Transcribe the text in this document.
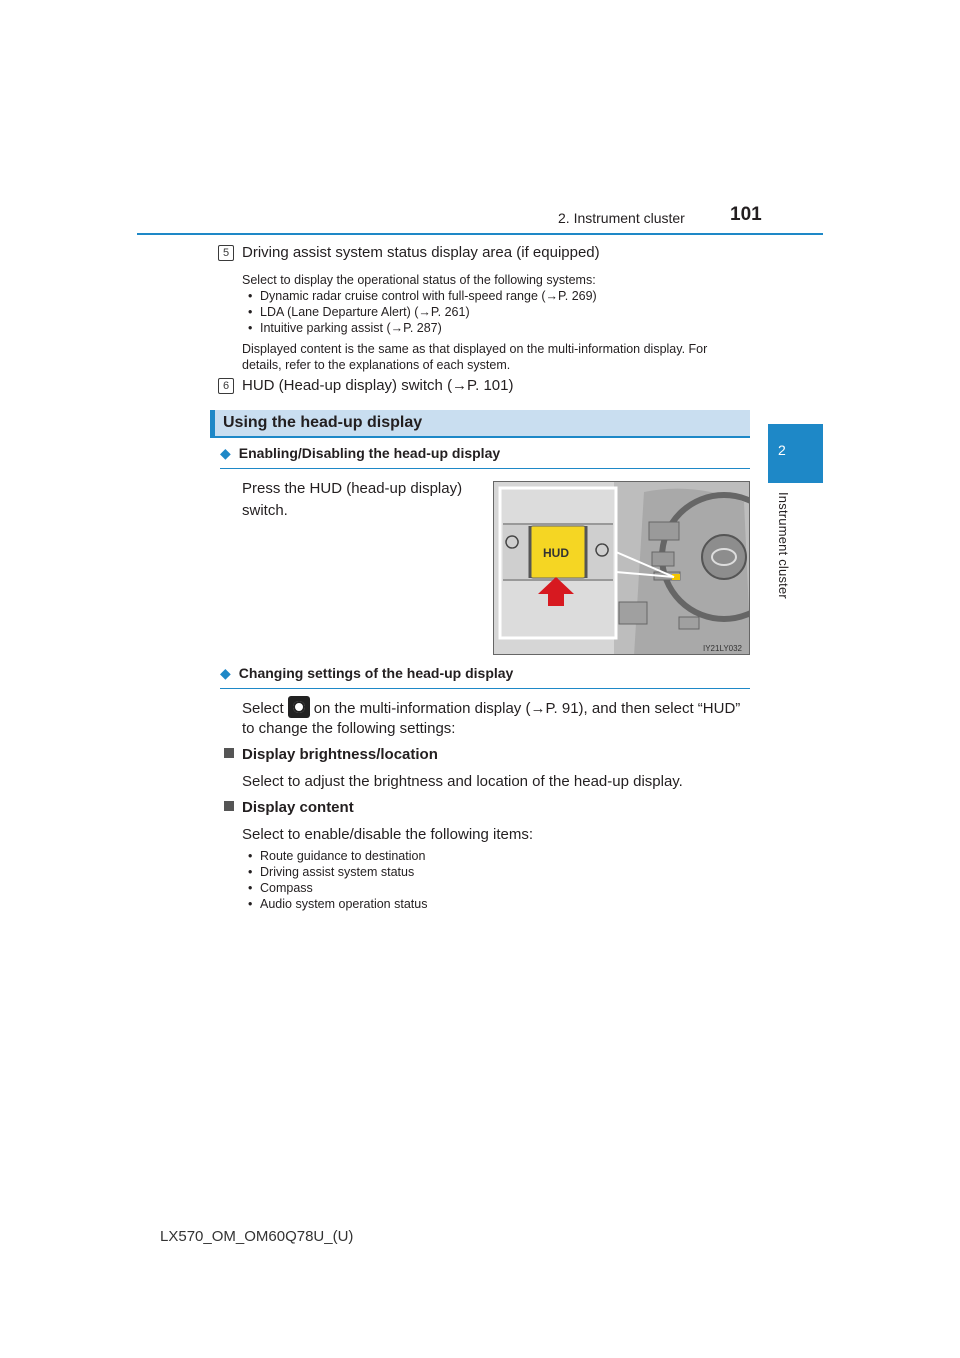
2. Instrument cluster 101
2
Instrument cluster
5 Driving assist system status display area (if equipped)
Select to display the operational status of the following systems:
• Dynamic radar cruise control with full-speed range (→P. 269)
• LDA (Lane Departure Alert) (→P. 261)
• Intuitive parking assist (→P. 287)
Displayed content is the same as that displayed on the multi-information display. For
details, refer to the explanations of each system.
6 HUD (Head-up display) switch (→P. 101)
Using the head-up display
◆ Enabling/Disabling the head-up display
Press the HUD (head-up display)
switch.
HUD
IY21LY032
◆ Changing settings of the head-up display
Select on the multi-information display (→P. 91), and then select “HUD”
to change the following settings:
Display brightness/location
Select to adjust the brightness and location of the head-up display.
Display content
Select to enable/disable the following items:
• Route guidance to destination
• Driving assist system status
• Compass
• Audio system operation status
LX570_OM_OM60Q78U_(U)
